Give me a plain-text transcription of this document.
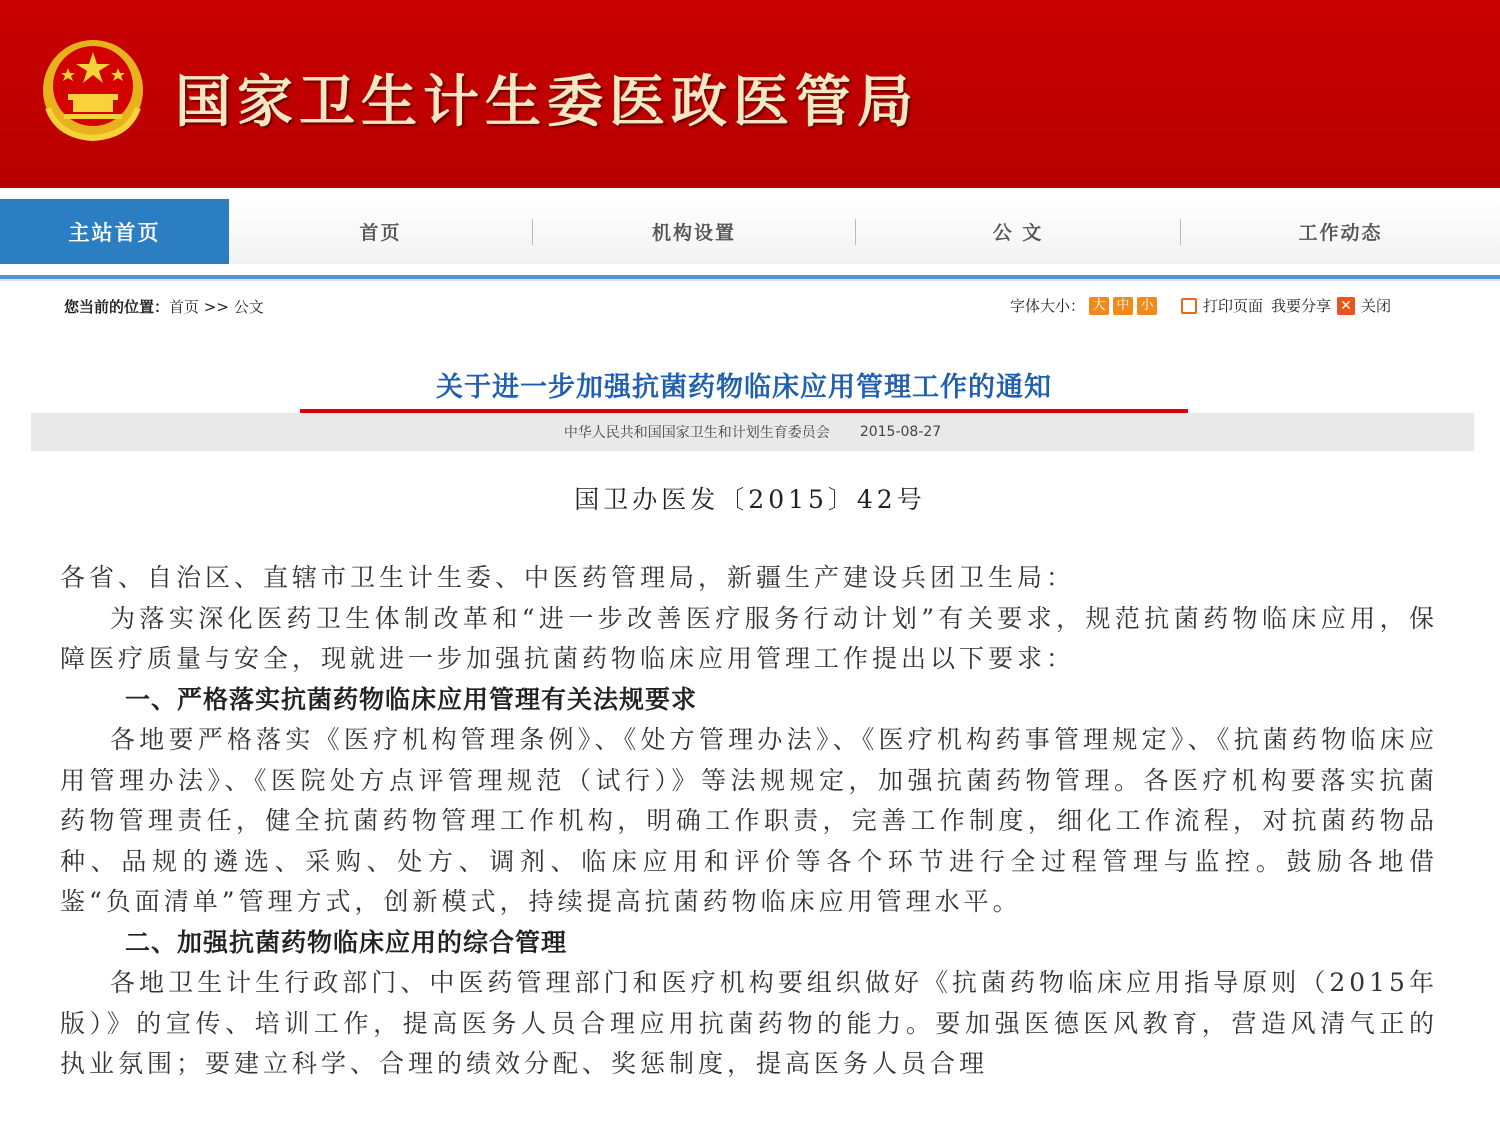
国家卫生计生委医政医管局
主站首页	首页	机构设置	公 文	工作动态
您当前的位置：首页 >> 公文	字体大小： 大 中 小	打印页面 我要分享 ✕ 关闭
关于进一步加强抗菌药物临床应用管理工作的通知
中华人民共和国国家卫生和计划生育委员会 2015-08-27
国卫办医发〔2015〕42号

各省、自治区、直辖市卫生计生委、中医药管理局，新疆生产建设兵团卫生局：

为落实深化医药卫生体制改革和“进一步改善医疗服务行动计划”有关要求，规范抗菌药物临床应用，保障医疗质量与安全，现就进一步加强抗菌药物临床应用管理工作提出以下要求：

一、严格落实抗菌药物临床应用管理有关法规要求

各地要严格落实《医疗机构管理条例》、《处方管理办法》、《医疗机构药事管理规定》、《抗菌药物临床应用管理办法》、《医院处方点评管理规范（试行）》等法规规定，加强抗菌药物管理。各医疗机构要落实抗菌药物管理责任，健全抗菌药物管理工作机构，明确工作职责，完善工作制度，细化工作流程，对抗菌药物品种、品规的遴选、采购、处方、调剂、临床应用和评价等各个环节进行全过程管理与监控。鼓励各地借鉴“负面清单”管理方式，创新模式，持续提高抗菌药物临床应用管理水平。

二、加强抗菌药物临床应用的综合管理

各地卫生计生行政部门、中医药管理部门和医疗机构要组织做好《抗菌药物临床应用指导原则（2015年版）》的宣传、培训工作，提高医务人员合理应用抗菌药物的能力。要加强医德医风教育，营造风清气正的执业氛围；要建立科学、合理的绩效分配、奖惩制度，提高医务人员合理
